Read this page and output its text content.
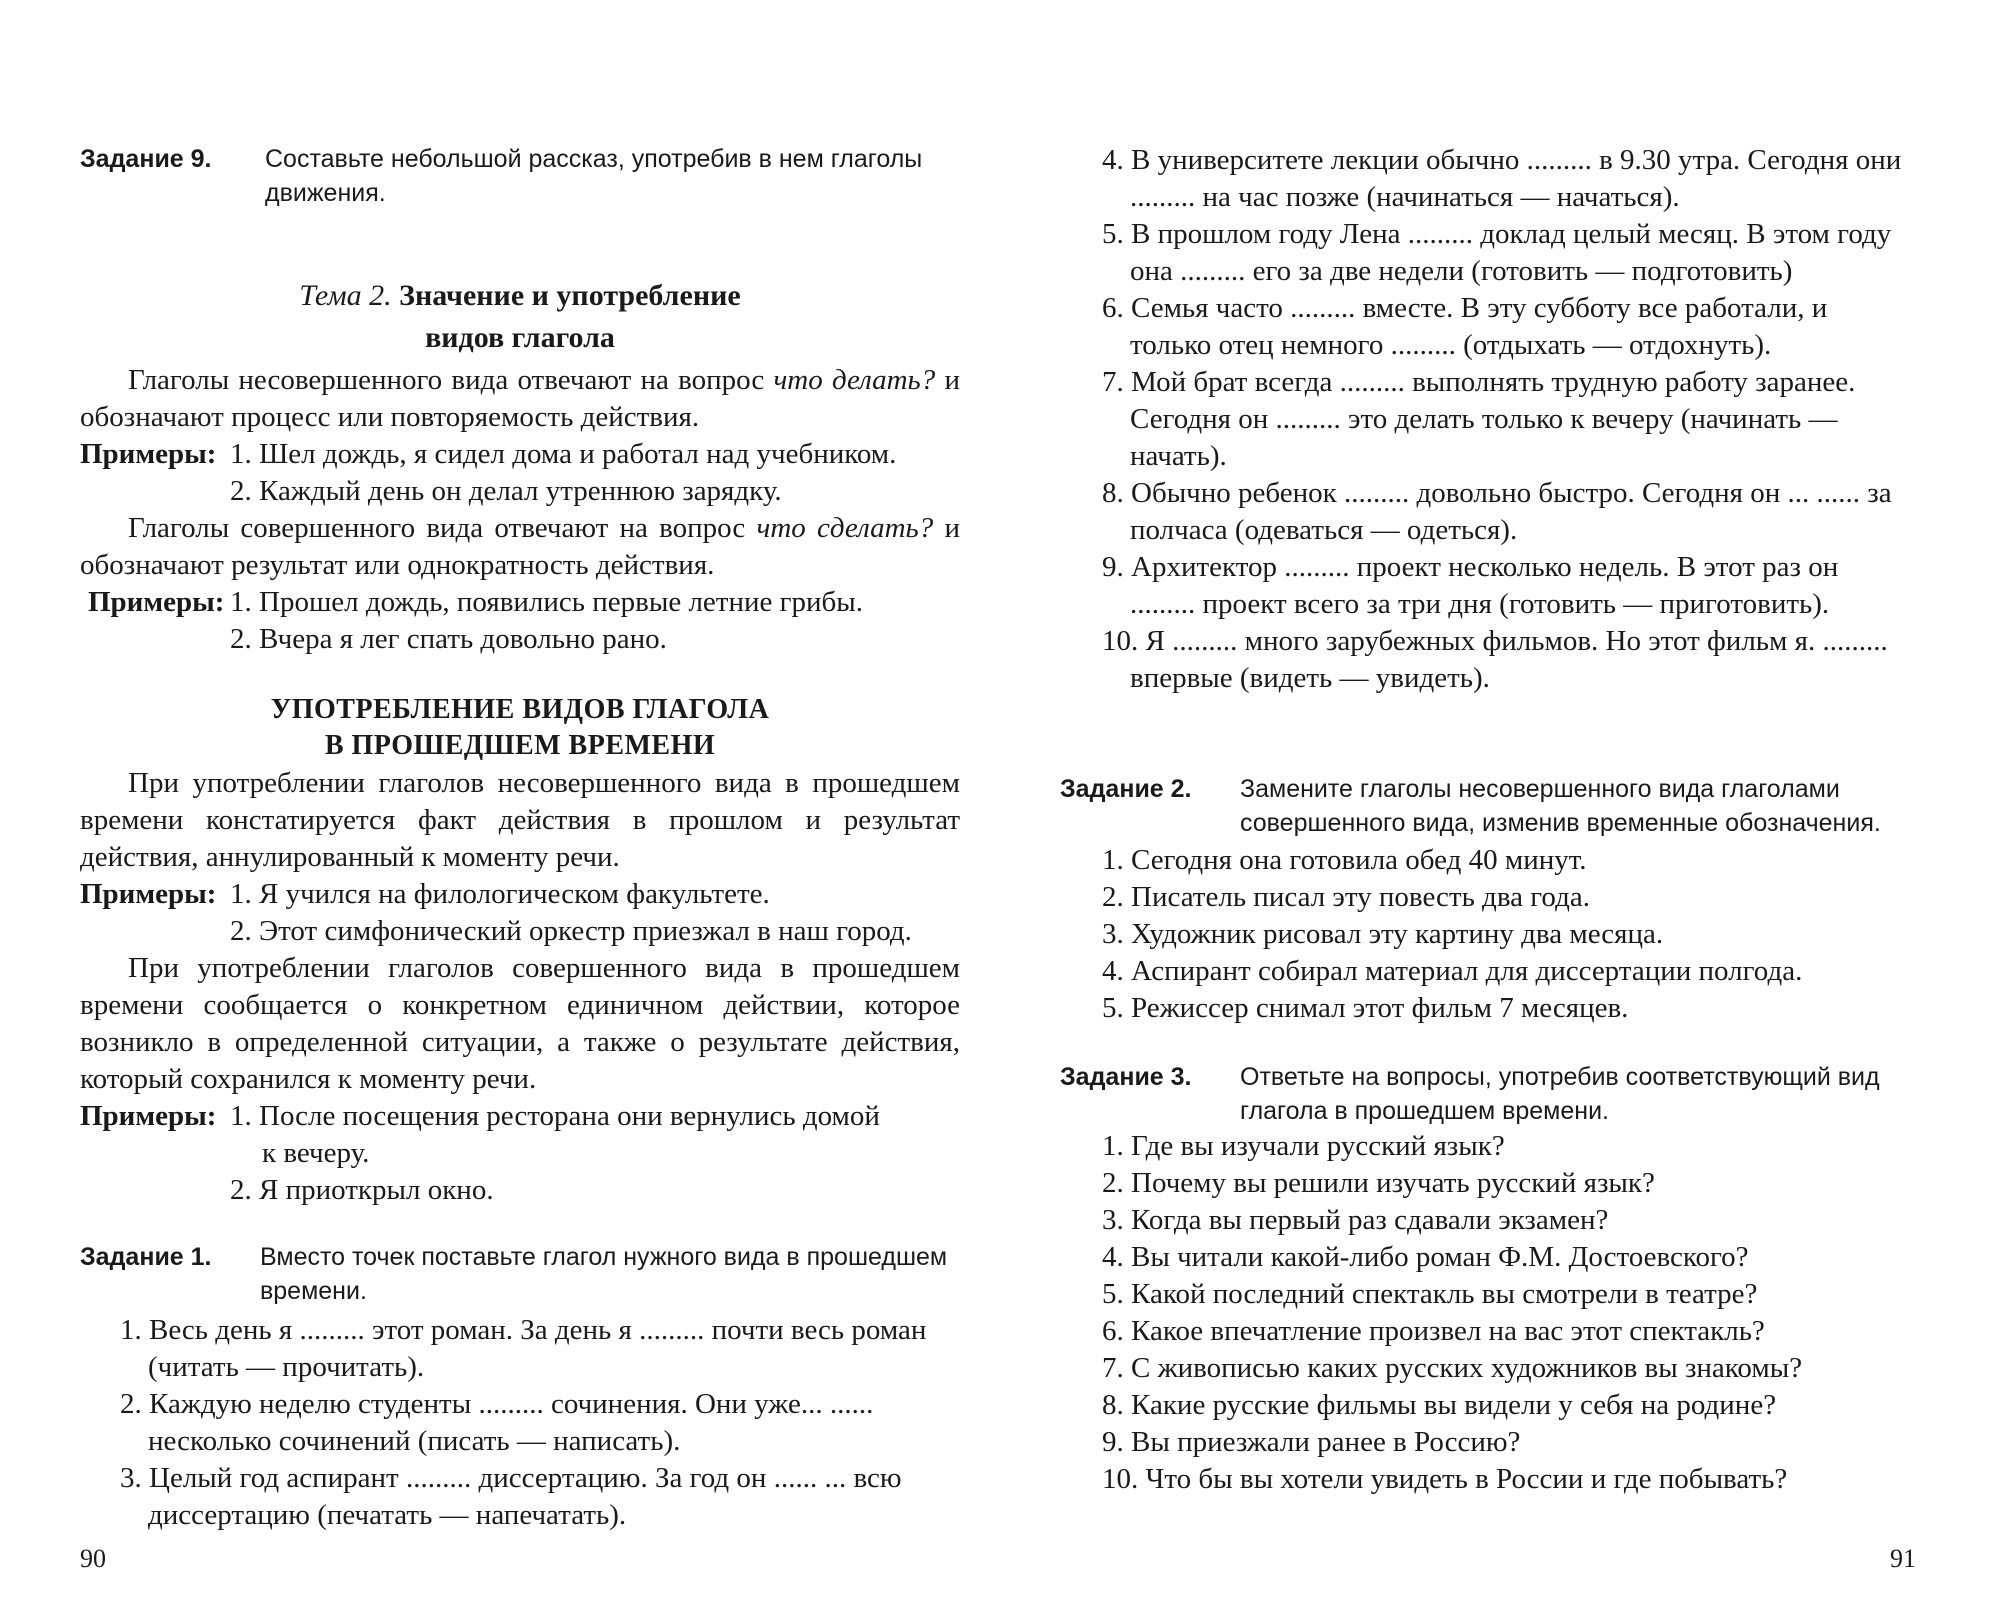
Задание 9.	Составьте небольшой рассказ, употребив в нем глаголы движения.
Тема 2. Значение и употребление
видов глагола
Глаголы несовершенного вида отвечают на вопрос что делать? и обозначают процесс или повторяемость действия.
Примеры: 1. Шел дождь, я сидел дома и работал над учебником.
2. Каждый день он делал утреннюю зарядку.
Глаголы совершенного вида отвечают на вопрос что сделать? и обозначают результат или однократность действия.
Примеры: 1. Прошел дождь, появились первые летние грибы.
2. Вчера я лег спать довольно рано.
УПОТРЕБЛЕНИЕ ВИДОВ ГЛАГОЛА
В ПРОШЕДШЕМ ВРЕМЕНИ
При употреблении глаголов несовершенного вида в прошедшем времени констатируется факт действия в прошлом и результат действия, аннулированный к моменту речи.
Примеры: 1. Я учился на филологическом факультете.
2. Этот симфонический оркестр приезжал в наш город.
При употреблении глаголов совершенного вида в прошедшем времени сообщается о конкретном единичном действии, которое возникло в определенной ситуации, а также о результате действия, который сохранился к моменту речи.
Примеры: 1. После посещения ресторана они вернулись домой
к вечеру.
2. Я приоткрыл окно.
Задание 1.	Вместо точек поставьте глагол нужного вида в прошедшем времени.
1. Весь день я ......... этот роман. За день я ......... почти весь роман (читать — прочитать).
2. Каждую неделю студенты ......... сочинения. Они уже... ...... несколько сочинений (писать — написать).
3. Целый год аспирант ......... диссертацию. За год он ...... ... всю диссертацию (печатать — напечатать).
90
4. В университете лекции обычно ......... в 9.30 утра. Сегодня они ......... на час позже (начинаться — начаться).
5. В прошлом году Лена ......... доклад целый месяц. В этом году она ......... его за две недели (готовить — подготовить)
6. Семья часто ......... вместе. В эту субботу все работали, и только отец немного ......... (отдыхать — отдохнуть).
7. Мой брат всегда ......... выполнять трудную работу заранее. Сегодня он ......... это делать только к вечеру (начинать — начать).
8. Обычно ребенок ......... довольно быстро. Сегодня он ... ...... за полчаса (одеваться — одеться).
9. Архитектор ......... проект несколько недель. В этот раз он ......... проект всего за три дня (готовить — приготовить).
10. Я ......... много зарубежных фильмов. Но этот фильм я. ......... впервые (видеть — увидеть).
Задание 2.	Замените глаголы несовершенного вида глаголами совершенного вида, изменив временные обозначения.
1. Сегодня она готовила обед 40 минут.
2. Писатель писал эту повесть два года.
3. Художник рисовал эту картину два месяца.
4. Аспирант собирал материал для диссертации полгода.
5. Режиссер снимал этот фильм 7 месяцев.
Задание 3.	Ответьте на вопросы, употребив соответствующий вид глагола в прошедшем времени.
1. Где вы изучали русский язык?
2. Почему вы решили изучать русский язык?
3. Когда вы первый раз сдавали экзамен?
4. Вы читали какой-либо роман Ф.М. Достоевского?
5. Какой последний спектакль вы смотрели в театре?
6. Какое впечатление произвел на вас этот спектакль?
7. С живописью каких русских художников вы знакомы?
8. Какие русские фильмы вы видели у себя на родине?
9. Вы приезжали ранее в Россию?
10. Что бы вы хотели увидеть в России и где побывать?
91
